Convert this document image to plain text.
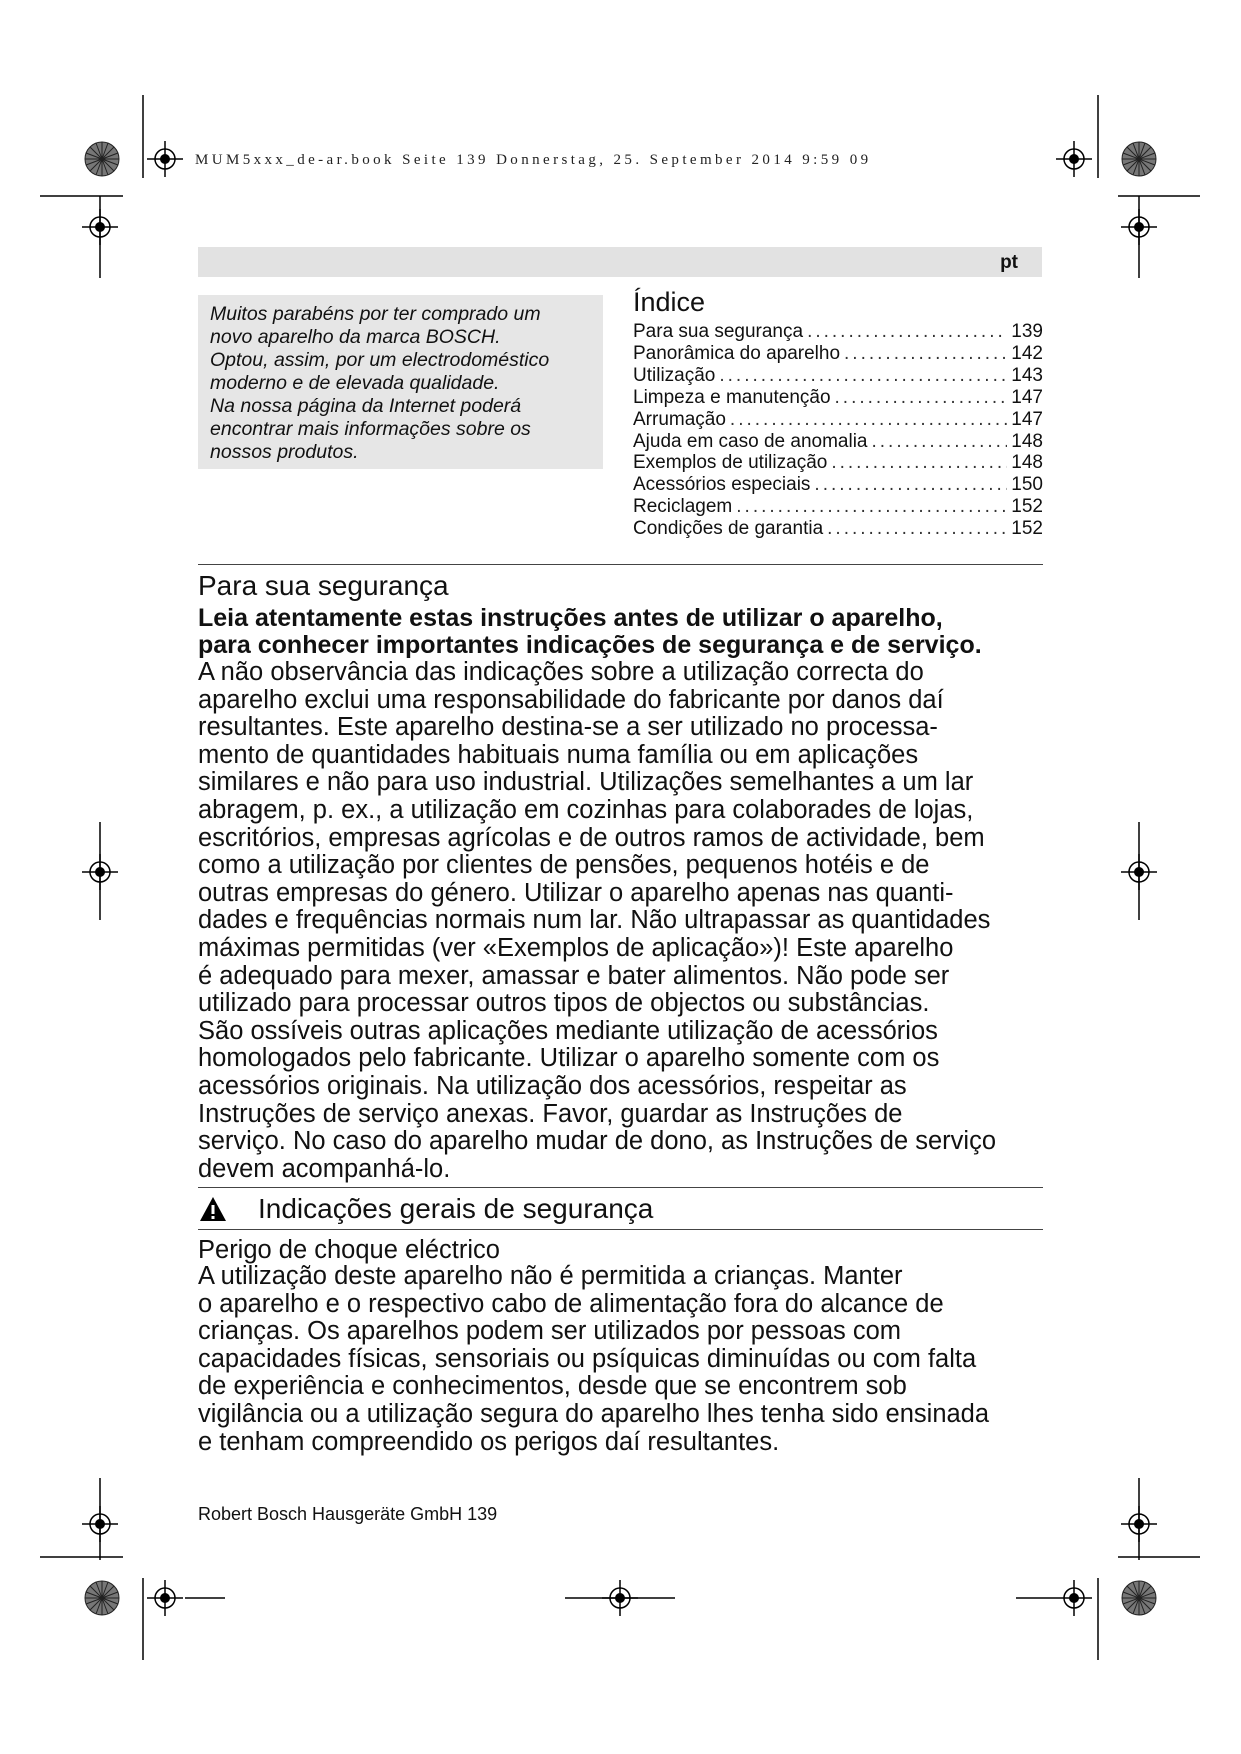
MUM5xxx_de-ar.book Seite 139 Donnerstag, 25. September 2014 9:59 09
pt

Muitos parabéns por ter comprado um

novo aparelho da marca BOSCH.

Optou, assim, por um electrodoméstico

moderno e de elevada qualidade.

Na nossa página da Internet poderá

encontrar mais informações sobre os

nossos produtos.

Índice
Para sua segurança .....	139
Panorâmica do aparelho .....	142
Utilização .....	143
Limpeza e manutenção .....	147
Arrumação .....	147
Ajuda em caso de anomalia .....	148
Exemplos de utilização .....	148
Acessórios especiais .....	150
Reciclagem .....	152
Condições de garantia .....	152
Para sua segurança
Leia atentamente estas instruções antes de utilizar o aparelho,
para conhecer importantes indicações de segurança e de serviço.
A não observância das indicações sobre a utilização correcta do
aparelho exclui uma responsabilidade do fabricante por danos daí
resultantes. Este aparelho destina-se a ser utilizado no processa-
mento de quantidades habituais numa família ou em aplicações
similares e não para uso industrial. Utilizações semelhantes a um lar
abragem, p. ex., a utilização em cozinhas para colaborades de lojas,
escritórios, empresas agrícolas e de outros ramos de actividade, bem
como a utilização por clientes de pensões, pequenos hotéis e de
outras empresas do género. Utilizar o aparelho apenas nas quanti-
dades e frequências normais num lar. Não ultrapassar as quantidades
máximas permitidas (ver «Exemplos de aplicação»)! Este aparelho
é adequado para mexer, amassar e bater alimentos. Não pode ser
utilizado para processar outros tipos de objectos ou substâncias.
São ossíveis outras aplicações mediante utilização de acessórios
homologados pelo fabricante. Utilizar o aparelho somente com os
acessórios originais. Na utilização dos acessórios, respeitar as
Instruções de serviço anexas. Favor, guardar as Instruções de
serviço. No caso do aparelho mudar de dono, as Instruções de serviço
devem acompanhá-lo.
Indicações gerais de segurança
Perigo de choque eléctrico
A utilização deste aparelho não é permitida a crianças. Manter
o aparelho e o respectivo cabo de alimentação fora do alcance de
crianças. Os aparelhos podem ser utilizados por pessoas com
capacidades físicas, sensoriais ou psíquicas diminuídas ou com falta
de experiência e conhecimentos, desde que se encontrem sob
vigilância ou a utilização segura do aparelho lhes tenha sido ensinada
e tenham compreendido os perigos daí resultantes.
Robert Bosch Hausgeräte GmbH 139
